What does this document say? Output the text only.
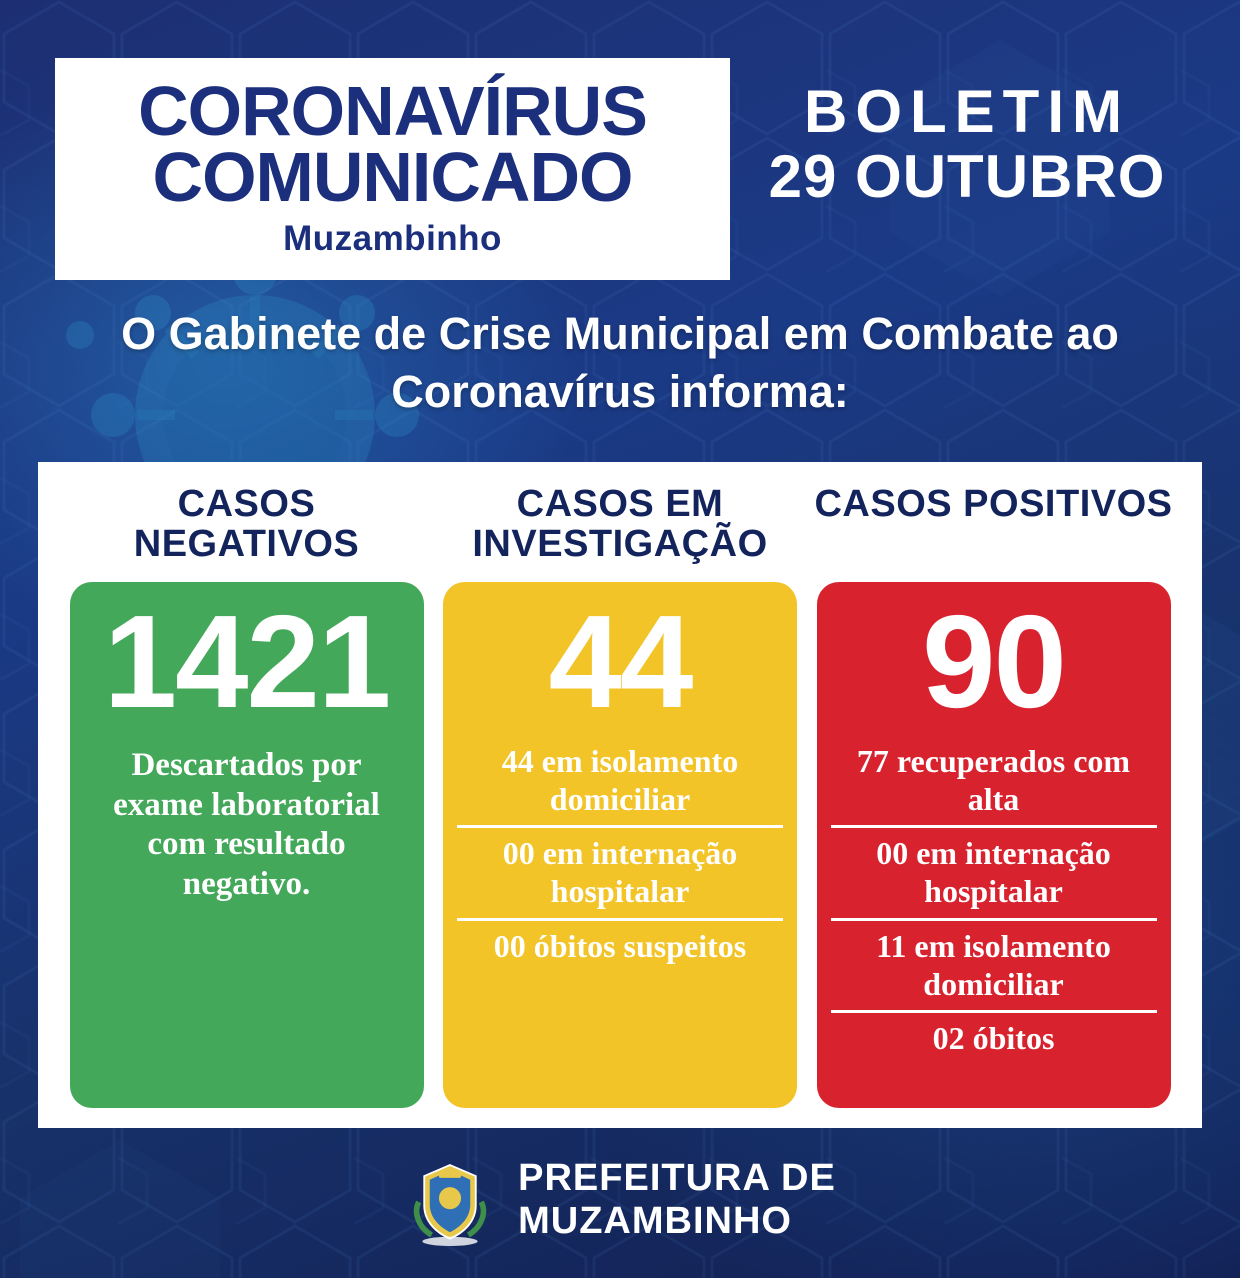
CORONAVÍRUS
COMUNICADO
Muzambinho
BOLETIM
29 OUTUBRO
O Gabinete de Crise Municipal em Combate ao Coronavírus informa:
CASOS NEGATIVOS
1421
Descartados por exame laboratorial com resultado negativo.
CASOS EM INVESTIGAÇÃO
44
44 em isolamento domiciliar
00 em internação hospitalar
00 óbitos suspeitos
CASOS POSITIVOS
90
77 recuperados com alta
00 em internação hospitalar
11 em isolamento domiciliar
02 óbitos
PREFEITURA DE
MUZAMBINHO
